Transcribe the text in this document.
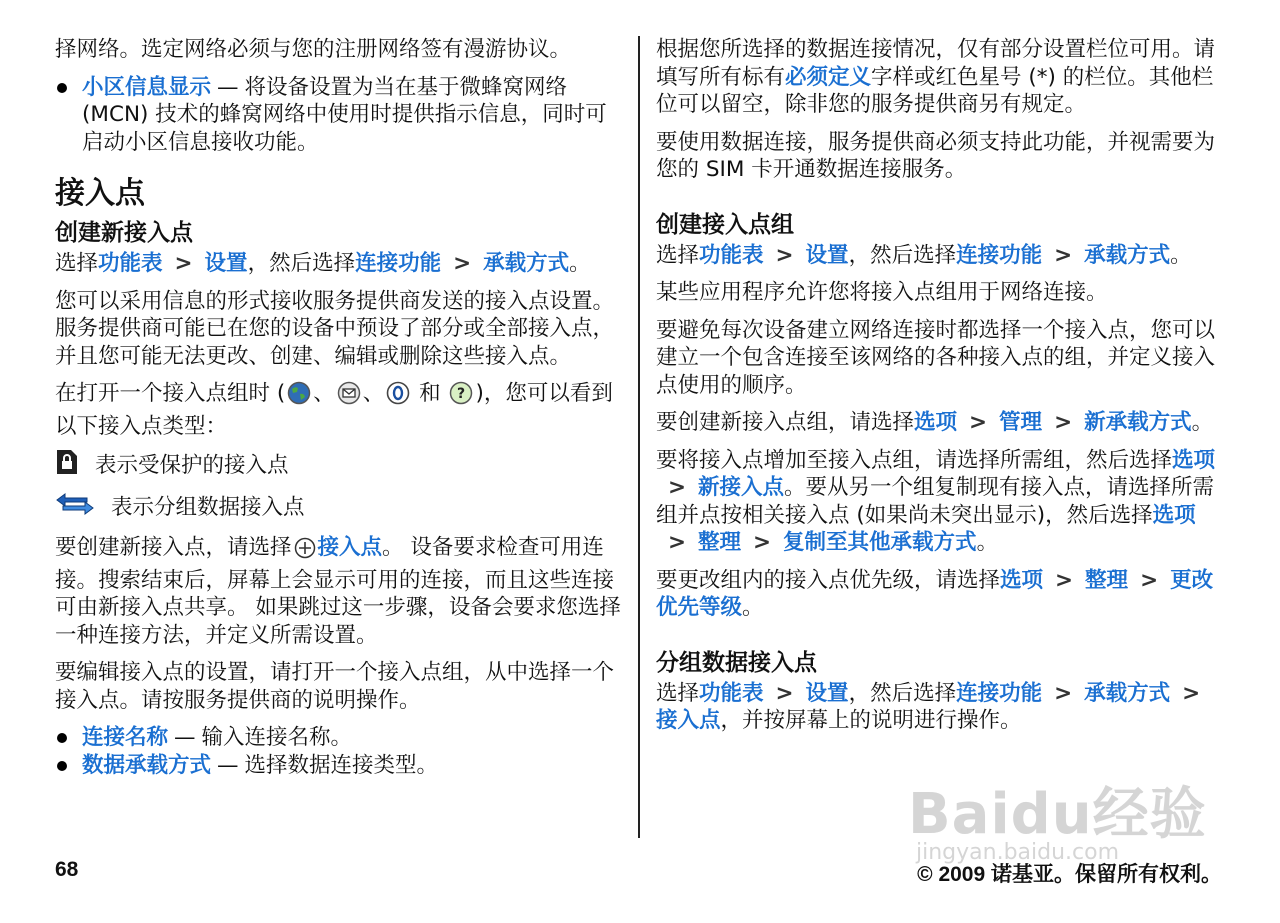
择网络。选定网络必须与您的注册网络签有漫游协议。

小区信息显示 — 将设备设置为当在基于微蜂窝网络 (MCN) 技术的蜂窝网络中使用时提供指示信息，同时可启动小区信息接收功能。
接入点
创建新接入点

选择功能表 > 设置，然后选择连接功能 > 承载方式。

您可以采用信息的形式接收服务提供商发送的接入点设置。服务提供商可能已在您的设备中预设了部分或全部接入点，并且您可能无法更改、创建、编辑或删除这些接入点。

在打开一个接入点组时 ( 、 、 和 ? )，您可以看到以下接入点类型：

表示受保护的接入点
表示分组数据接入点

要创建新接入点，请选择 接入点。 设备要求检查可用连接。搜索结束后，屏幕上会显示可用的连接，而且这些连接可由新接入点共享。 如果跳过这一步骤，设备会要求您选择一种连接方法，并定义所需设置。

要编辑接入点的设置，请打开一个接入点组，从中选择一个接入点。请按服务提供商的说明操作。

连接名称 — 输入连接名称。
数据承载方式 — 选择数据连接类型。

根据您所选择的数据连接情况，仅有部分设置栏位可用。请填写所有标有必须定义字样或红色星号 (*) 的栏位。其他栏位可以留空，除非您的服务提供商另有规定。

要使用数据连接，服务提供商必须支持此功能，并视需要为您的 SIM 卡开通数据连接服务。

创建接入点组

选择功能表 > 设置，然后选择连接功能 > 承载方式。

某些应用程序允许您将接入点组用于网络连接。

要避免每次设备建立网络连接时都选择一个接入点，您可以建立一个包含连接至该网络的各种接入点的组，并定义接入点使用的顺序。

要创建新接入点组，请选择选项 > 管理 > 新承载方式。

要将接入点增加至接入点组，请选择所需组，然后选择选项> 新接入点。要从另一个组复制现有接入点，请选择所需组并点按相关接入点 (如果尚未突出显示)，然后选择选项> 整理 > 复制至其他承载方式。

要更改组内的接入点优先级，请选择选项 > 整理 > 更改优先等级。

分组数据接入点

选择功能表 > 设置，然后选择连接功能 > 承载方式 >接入点，并按屏幕上的说明进行操作。

Baidu经验
jingyan.baidu.com
68	© 2009 诺基亚。保留所有权利。
